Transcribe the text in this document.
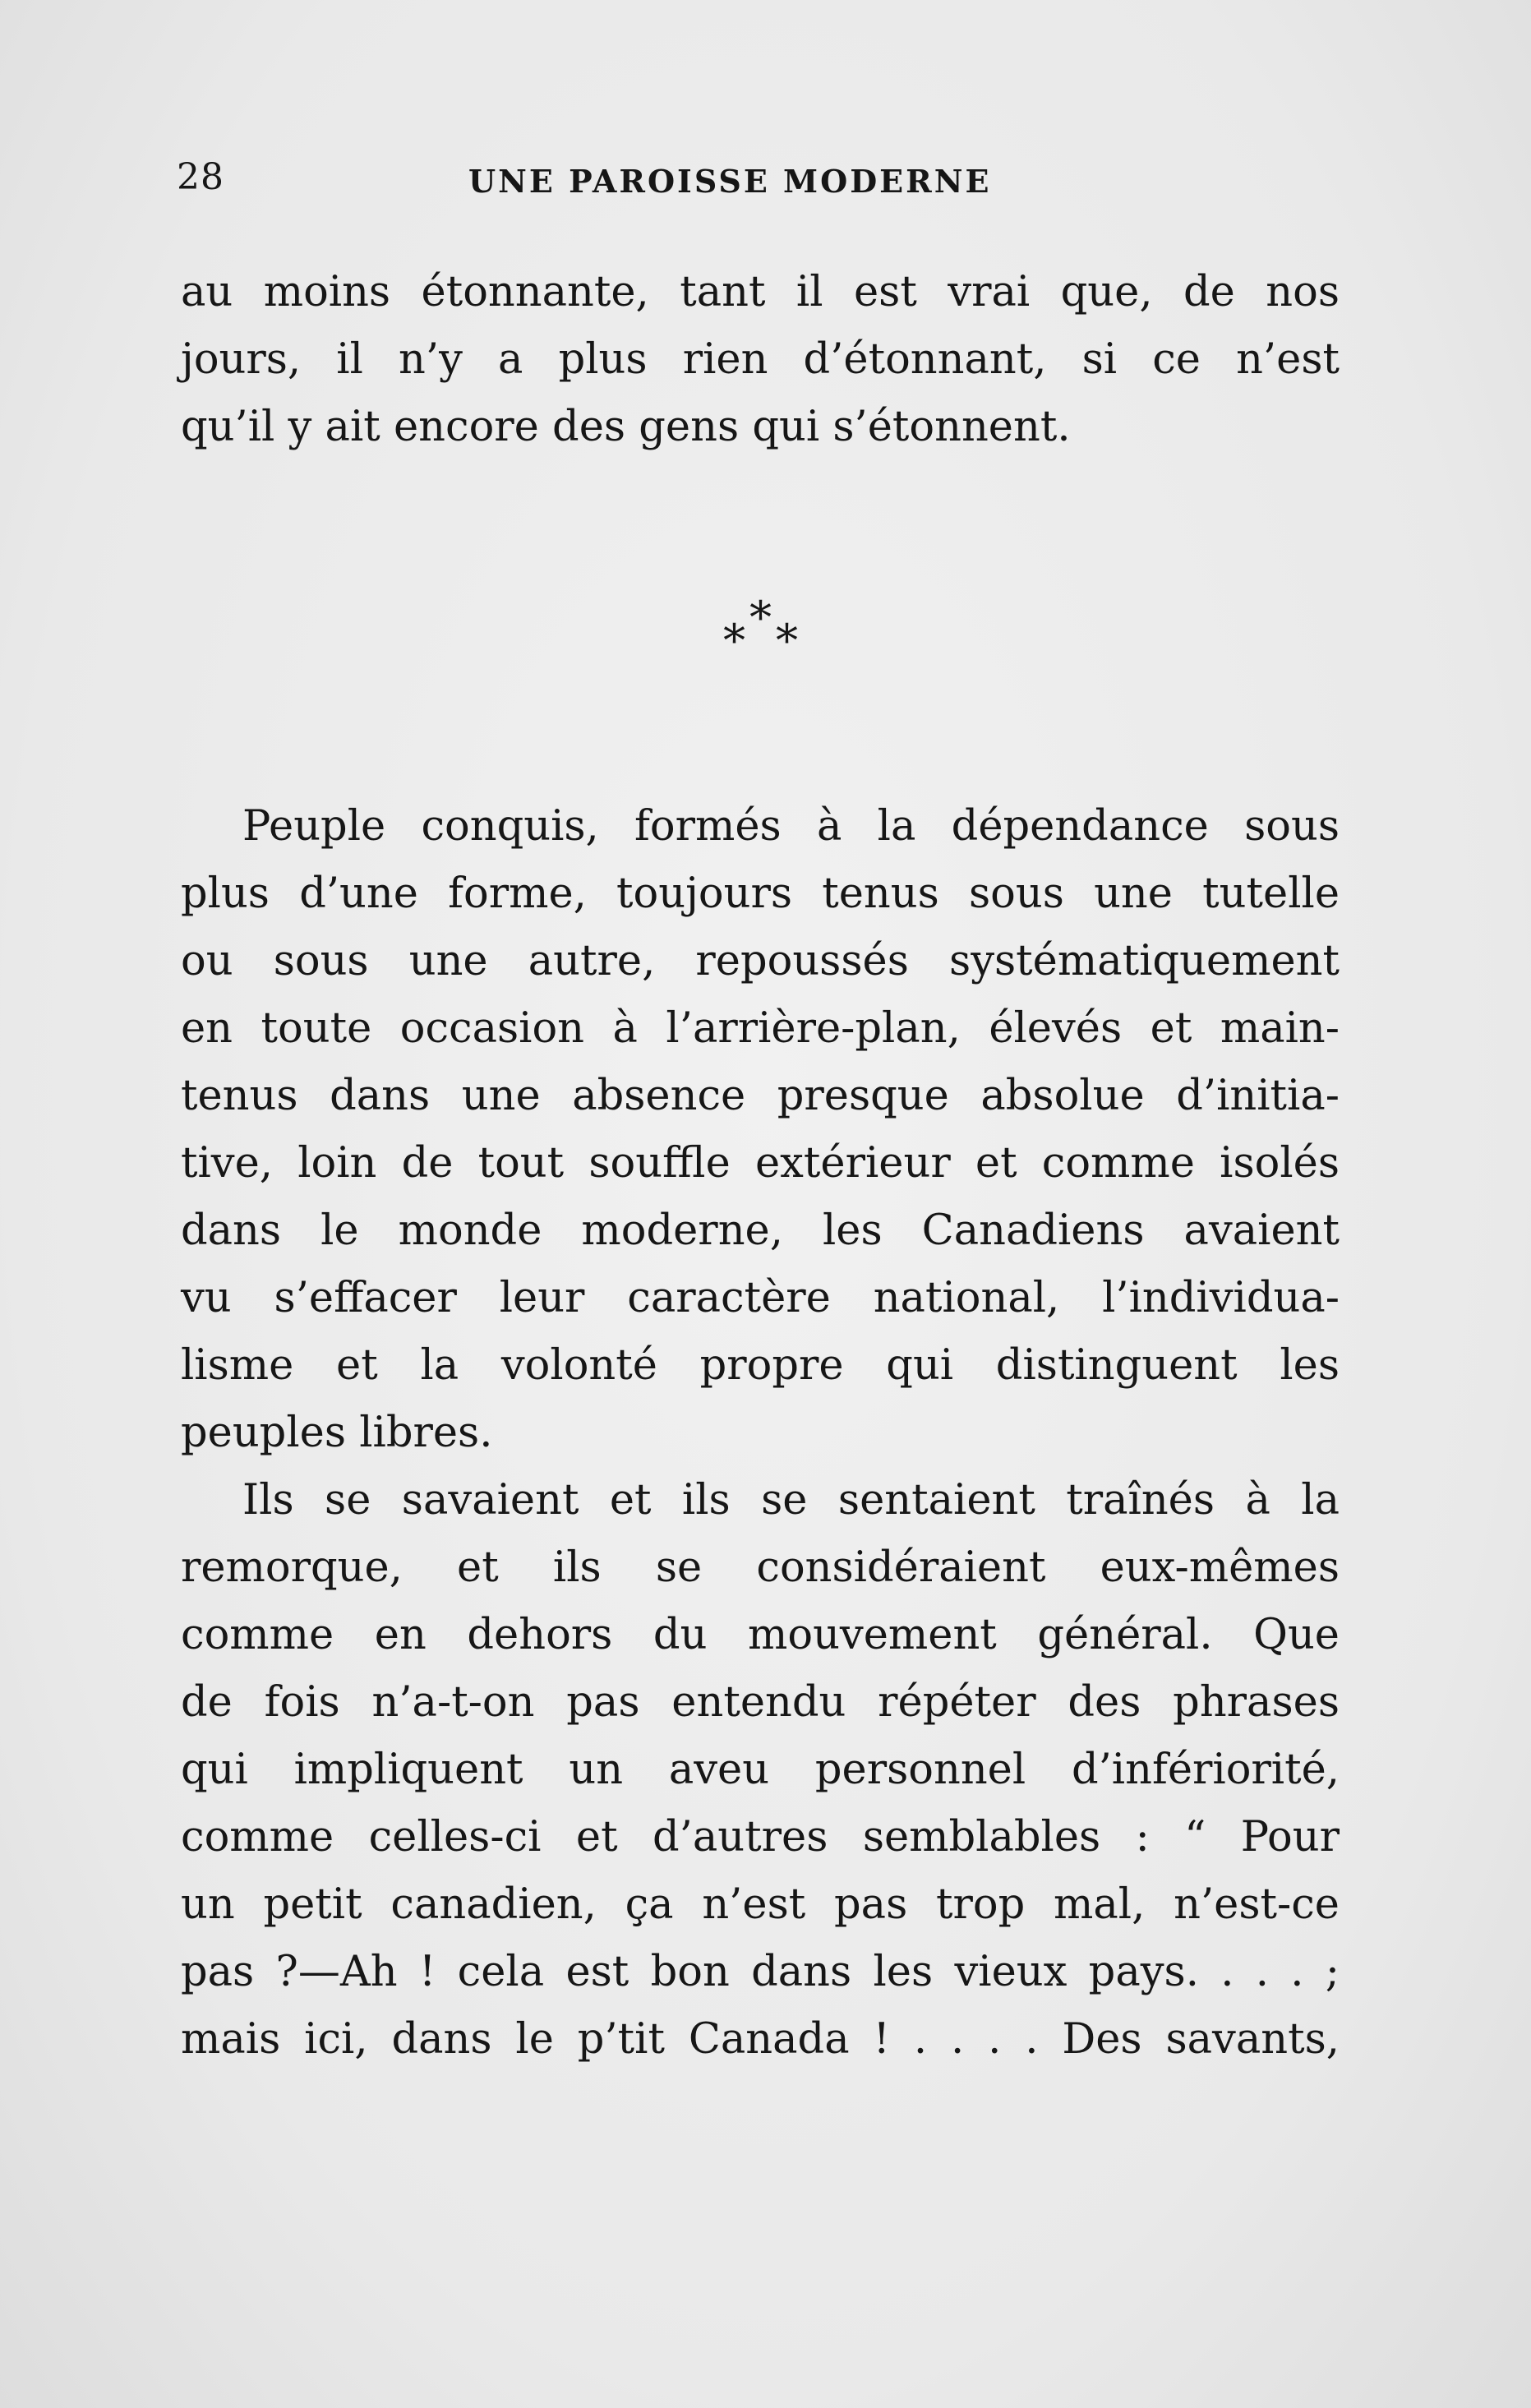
28	UNE PAROISSE MODERNE
au moins étonnante, tant il est vrai que, de nos
jours, il n’y a plus rien d’étonnant, si ce n’est
qu’il y ait encore des gens qui s’étonnent.
*
* *
Peuple conquis, formés à la dépendance sous
plus d’une forme, toujours tenus sous une tutelle
ou sous une autre, repoussés systématiquement
en toute occasion à l’arrière-plan, élevés et main-
tenus dans une absence presque absolue d’initia-
tive, loin de tout souffle extérieur et comme isolés
dans le monde moderne, les Canadiens avaient
vu s’effacer leur caractère national, l’individua-
lisme et la volonté propre qui distinguent les
peuples libres.
Ils se savaient et ils se sentaient traînés à la
remorque, et ils se considéraient eux-mêmes
comme en dehors du mouvement général. Que
de fois n’a-t-on pas entendu répéter des phrases
qui impliquent un aveu personnel d’infériorité,
comme celles-ci et d’autres semblables : “ Pour
un petit canadien, ça n’est pas trop mal, n’est-ce
pas ?—Ah ! cela est bon dans les vieux pays. . . . ;
mais ici, dans le p’tit Canada ! . . . . Des savants,
